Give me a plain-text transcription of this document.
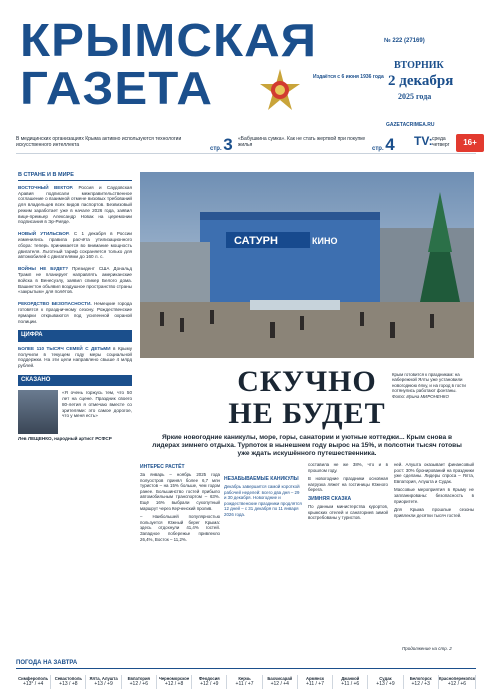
КРЫМСКАЯ
ГАЗЕТА	Издаётся с 6 июня 1936 года
№ 222 (27169)
ВТОРНИК
2 декабря
2025 года
GAZETACRIMEA.RU
В медицинских организациях Крыма активно используются технологии искусственного интеллекта
стр. 3 «Бабушкина сумка». Как не стать жертвой при покупке жилья
стр. 4 TV: среда четверг	16+
В СТРАНЕ И В МИРЕ
ВОСТОЧНЫЙ ВЕКТОР. Россия и Саудовская Аравия подписали межправительственное соглашение о взаимной отмене визовых требований для владельцев всех видов паспортов. Безвизовый режим заработает уже в начале 2026 года, заявил вице-премьер Александр Новак на церемонии подписания в Эр-Рияде.
НОВЫЙ УТИЛЬСБОР. С 1 декабря в России изменились правила расчёта утилизационного сбора: теперь принимается во внимание мощность двигателя. Льготный тариф сохраняется только для автомобилей с двигателями до 160 л. с.
ВОЙНЫ НЕ БУДЕТ? Президент США Дональд Трамп не планирует направлять американские войска в Венесуэлу, заявил спикер Белого дома. Вашингтон объявил воздушное пространство страны «закрытым» для полётов.
РЕКОРДСТВО БЕЗОПАСНОСТИ. Немецкие города готовятся к праздничному сезону. Рождественские ярмарки открываются под усиленной охраной полиции.
ЦИФРА
БОЛЕЕ 110 ТЫСЯЧ СЕМЕЙ С ДЕТЬМИ в Крыму получили в текущем году меры социальной поддержки. На эти цели направлено свыше 4 млрд рублей.
СКАЗАНО
«Я очень горжусь тем, что 50 лет на сцене. Праздник своего 80-летия я отмечаю вместе со зрителями: это самое дорогое, что у меня есть»
Лев ЛЕЩЕНКО, народный артист РСФСР
САТУРН	КИНО
СКУЧНО
НЕ БУДЕТ
Яркие новогодние каникулы, море, горы, санатории и уютные коттеджи... Крым снова в лидерах зимнего отдыха. Турпоток в нынешнем году вырос на 15%, и полсотни тысяч готовы уже ждать искушённого путешественника.
Крым готовится к праздникам: на набережной Ялты уже установили новогоднюю ёлку, и на город в гости потянулись работают фонтаны.
Фото: Ирина МИРОНЕНКО
ИНТЕРЕС РАСТЁТ
За январь – ноябрь 2025 года полуостров принял более 6,7 млн туристов – на 15% больше, чем годом ранее. Большинство гостей прибыло автомобильным транспортом – 63%. Ещё 16% выбрали сухопутный маршрут через Керченский пролив.
– Наибольшей популярностью пользуется Южный берег Крыма: здесь отдохнули 41,4% гостей. Западное побережье привлекло 26,4%, Восток – 11,2%.
НЕЗАБЫВАЕМЫЕ КАНИКУЛЫ
Декабрь завершится самой короткой рабочей неделей: всего два дня – 29 и 30 декабря. Новогодние и рождественские праздники продлятся 12 дней – с 31 декабря по 11 января 2026 года.
составила не же 38%, что и в прошлом году.
В новогодние праздники основная нагрузка ляжет на гостиницы Южного берега.
ЗИМНЯЯ СКАЗКА
По данным министерства курортов, крымских отелей и санаториев зимой востребованы у туристов.
ней. Алушта оказывает финансовый рост: 30% бронирований на праздники уже сделаны. Лидеры спроса – Ялта, Евпатория, Алушта и Судак.
Массовые мероприятия в Крыму не запланированы: безопасность в приоритете.
Для Крыма прошлые сезоны привлекли десятки тысяч гостей.
Продолжение на стр. 2
ПОГОДА НА ЗАВТРА
Симферополь
+13° / +4
Севастополь
+13 / +8
Ялта, Алушта
+13 / +9
Евпатория
+12 / +6
Черноморское
+12 / +8
Феодосия
+12 / +9
Керчь
+11 / +7
Бахчисарай
+12 / +4
Армянск
+11 / +7
Джанкой
+11 / +6
Судак
+13 / +9
Белогорск
+12 / +3
Красноперекопск
+12 / +6
